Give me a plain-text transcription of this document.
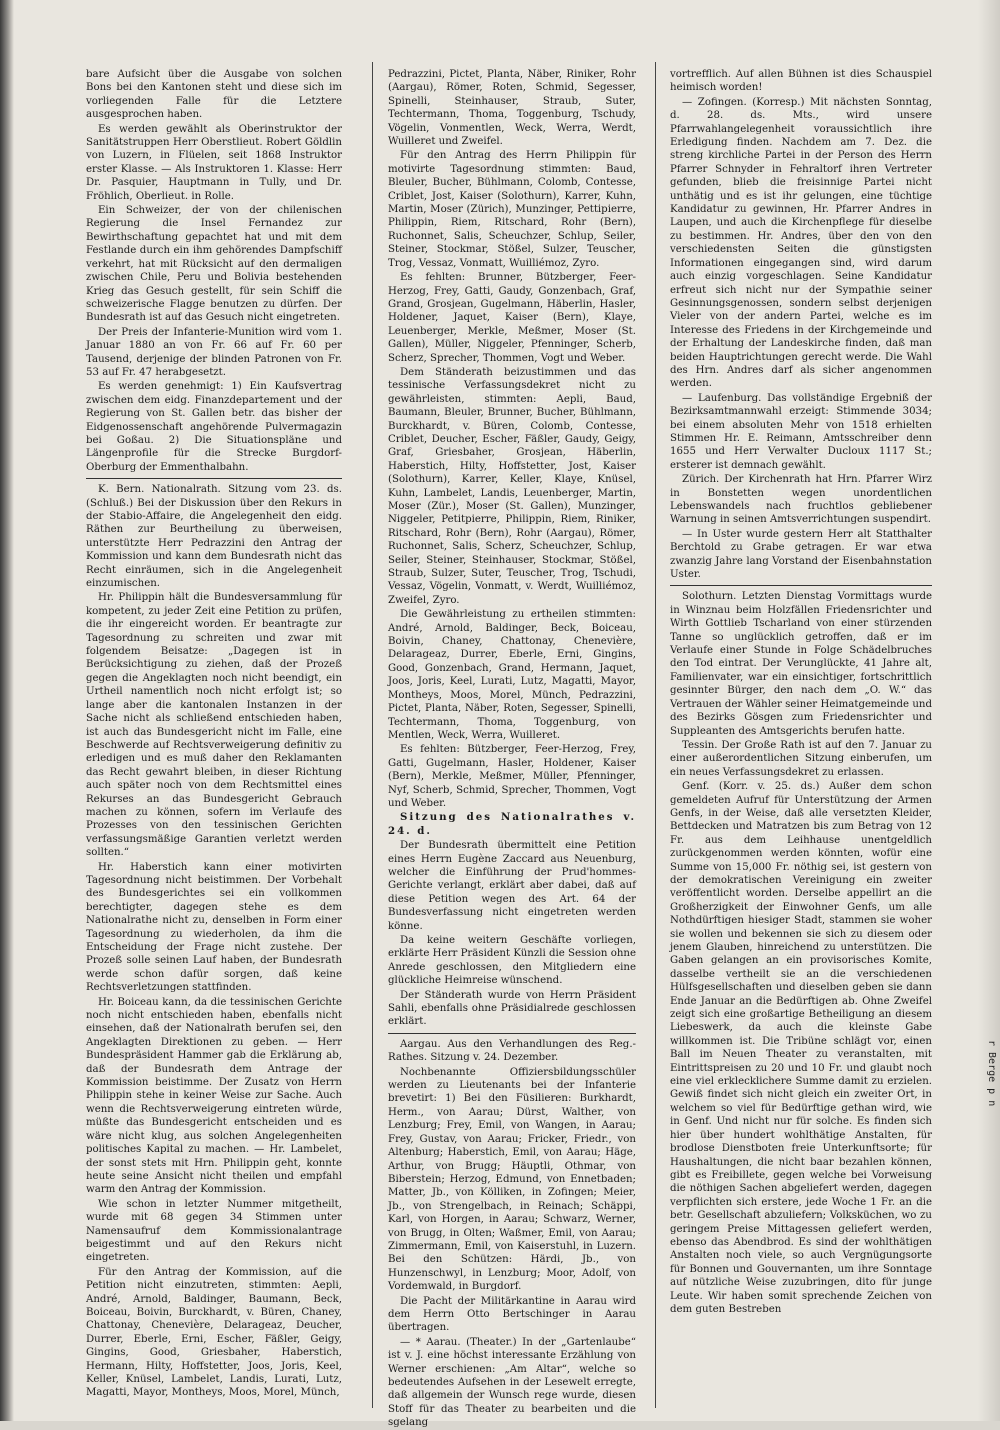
r Berge p n

bare Aufsicht über die Ausgabe von solchen Bons bei den Kantonen steht und diese sich im vorliegenden Falle für die Letztere ausgesprochen haben.

Es werden gewählt als Oberinstruktor der Sanitätstruppen Herr Oberstlieut. Robert Göldlin von Luzern, in Flüelen, seit 1868 Instruktor erster Klasse. — Als Instruktoren 1. Klasse: Herr Dr. Pasquier, Hauptmann in Tully, und Dr. Fröhlich, Oberlieut. in Rolle.

Ein Schweizer, der von der chilenischen Regierung die Insel Fernandez zur Bewirthschaftung gepachtet hat und mit dem Festlande durch ein ihm gehörendes Dampfschiff verkehrt, hat mit Rücksicht auf den dermaligen zwischen Chile, Peru und Bolivia bestehenden Krieg das Gesuch gestellt, für sein Schiff die schweizerische Flagge benutzen zu dürfen. Der Bundesrath ist auf das Gesuch nicht eingetreten.

Der Preis der Infanterie-Munition wird vom 1. Januar 1880 an von Fr. 66 auf Fr. 60 per Tausend, derjenige der blinden Patronen von Fr. 53 auf Fr. 47 herabgesetzt.

Es werden genehmigt: 1) Ein Kaufsvertrag zwischen dem eidg. Finanzdepartement und der Regierung von St. Gallen betr. das bisher der Eidgenossenschaft angehörende Pulvermagazin bei Goßau. 2) Die Situationspläne und Längenprofile für die Strecke Burgdorf-Oberburg der Emmenthalbahn.

K. Bern. Nationalrath. Sitzung vom 23. ds. (Schluß.) Bei der Diskussion über den Rekurs in der Stabio-Affaire, die Angelegenheit den eidg. Räthen zur Beurtheilung zu überweisen, unterstützte Herr Pedrazzini den Antrag der Kommission und kann dem Bundesrath nicht das Recht einräumen, sich in die Angelegenheit einzumischen.

Hr. Philippin hält die Bundesversammlung für kompetent, zu jeder Zeit eine Petition zu prüfen, die ihr eingereicht worden. Er beantragte zur Tagesordnung zu schreiten und zwar mit folgendem Beisatze: „Dagegen ist in Berücksichtigung zu ziehen, daß der Prozeß gegen die Angeklagten noch nicht beendigt, ein Urtheil namentlich noch nicht erfolgt ist; so lange aber die kantonalen Instanzen in der Sache nicht als schließend entschieden haben, ist auch das Bundesgericht nicht im Falle, eine Beschwerde auf Rechtsverweigerung definitiv zu erledigen und es muß daher den Reklamanten das Recht gewahrt bleiben, in dieser Richtung auch später noch von dem Rechtsmittel eines Rekurses an das Bundesgericht Gebrauch machen zu können, sofern im Verlaufe des Prozesses von den tessinischen Gerichten verfassungsmäßige Garantien verletzt werden sollten.“

Hr. Haberstich kann einer motivirten Tagesordnung nicht beistimmen. Der Vorbehalt des Bundesgerichtes sei ein vollkommen berechtigter, dagegen stehe es dem Nationalrathe nicht zu, denselben in Form einer Tagesordnung zu wiederholen, da ihm die Entscheidung der Frage nicht zustehe. Der Prozeß solle seinen Lauf haben, der Bundesrath werde schon dafür sorgen, daß keine Rechtsverletzungen stattfinden.

Hr. Boiceau kann, da die tessinischen Gerichte noch nicht entschieden haben, ebenfalls nicht einsehen, daß der Nationalrath berufen sei, den Angeklagten Direktionen zu geben. — Herr Bundespräsident Hammer gab die Erklärung ab, daß der Bundesrath dem Antrage der Kommission beistimme. Der Zusatz von Herrn Philippin stehe in keiner Weise zur Sache. Auch wenn die Rechtsverweigerung eintreten würde, müßte das Bundesgericht entscheiden und es wäre nicht klug, aus solchen Angelegenheiten politisches Kapital zu machen. — Hr. Lambelet, der sonst stets mit Hrn. Philippin geht, konnte heute seine Ansicht nicht theilen und empfahl warm den Antrag der Kommission.

Wie schon in letzter Nummer mitgetheilt, wurde mit 68 gegen 34 Stimmen unter Namensaufruf dem Kommissionalantrage beigestimmt und auf den Rekurs nicht eingetreten.

Für den Antrag der Kommission, auf die Petition nicht einzutreten, stimmten: Aepli, André, Arnold, Baldinger, Baumann, Beck, Boiceau, Boivin, Burckhardt, v. Büren, Chaney, Chattonay, Chenevière, Delarageaz, Deucher, Durrer, Eberle, Erni, Escher, Fäßler, Geigy, Gingins, Good, Griesbaher, Haberstich, Hermann, Hilty, Hoffstetter, Joos, Joris, Keel, Keller, Knüsel, Lambelet, Landis, Lurati, Lutz, Magatti, Mayor, Montheys, Moos, Morel, Münch,

Pedrazzini, Pictet, Planta, Näber, Riniker, Rohr (Aargau), Römer, Roten, Schmid, Segesser, Spinelli, Steinhauser, Straub, Suter, Techtermann, Thoma, Toggenburg, Tschudy, Vögelin, Vonmentlen, Weck, Werra, Werdt, Wuilleret und Zweifel.

Für den Antrag des Herrn Philippin für motivirte Tagesordnung stimmten: Baud, Bleuler, Bucher, Bühlmann, Colomb, Contesse, Criblet, Jost, Kaiser (Solothurn), Karrer, Kuhn, Martin, Moser (Zürich), Munzinger, Pettipierre, Philippin, Riem, Ritschard, Rohr (Bern), Ruchonnet, Salis, Scheuchzer, Schlup, Seiler, Steiner, Stockmar, Stößel, Sulzer, Teuscher, Trog, Vessaz, Vonmatt, Wuilliémoz, Zyro.

Es fehlten: Brunner, Bützberger, Feer-Herzog, Frey, Gatti, Gaudy, Gonzenbach, Graf, Grand, Grosjean, Gugelmann, Häberlin, Hasler, Holdener, Jaquet, Kaiser (Bern), Klaye, Leuenberger, Merkle, Meßmer, Moser (St. Gallen), Müller, Niggeler, Pfenninger, Scherb, Scherz, Sprecher, Thommen, Vogt und Weber.

Dem Ständerath beizustimmen und das tessinische Verfassungsdekret nicht zu gewährleisten, stimmten: Aepli, Baud, Baumann, Bleuler, Brunner, Bucher, Bühlmann, Burckhardt, v. Büren, Colomb, Contesse, Criblet, Deucher, Escher, Fäßler, Gaudy, Geigy, Graf, Griesbaher, Grosjean, Häberlin, Haberstich, Hilty, Hoffstetter, Jost, Kaiser (Solothurn), Karrer, Keller, Klaye, Knüsel, Kuhn, Lambelet, Landis, Leuenberger, Martin, Moser (Zür.), Moser (St. Gallen), Munzinger, Niggeler, Petitpierre, Philippin, Riem, Riniker, Ritschard, Rohr (Bern), Rohr (Aargau), Römer, Ruchonnet, Salis, Scherz, Scheuchzer, Schlup, Seiler, Steiner, Steinhauser, Stockmar, Stößel, Straub, Sulzer, Suter, Teuscher, Trog, Tschudi, Vessaz, Vögelin, Vonmatt, v. Werdt, Wuilliémoz, Zweifel, Zyro.

Die Gewährleistung zu ertheilen stimmten: André, Arnold, Baldinger, Beck, Boiceau, Boivin, Chaney, Chattonay, Chenevière, Delarageaz, Durrer, Eberle, Erni, Gingins, Good, Gonzenbach, Grand, Hermann, Jaquet, Joos, Joris, Keel, Lurati, Lutz, Magatti, Mayor, Montheys, Moos, Morel, Münch, Pedrazzini, Pictet, Planta, Näber, Roten, Segesser, Spinelli, Techtermann, Thoma, Toggenburg, von Mentlen, Weck, Werra, Wuilleret.

Es fehlten: Bützberger, Feer-Herzog, Frey, Gatti, Gugelmann, Hasler, Holdener, Kaiser (Bern), Merkle, Meßmer, Müller, Pfenninger, Nyf, Scherb, Schmid, Sprecher, Thommen, Vogt und Weber.

Sitzung des Nationalrathes v. 24. d.

Der Bundesrath übermittelt eine Petition eines Herrn Eugène Zaccard aus Neuenburg, welcher die Einführung der Prud'hommes-Gerichte verlangt, erklärt aber dabei, daß auf diese Petition wegen des Art. 64 der Bundesverfassung nicht eingetreten werden könne.

Da keine weitern Geschäfte vorliegen, erklärte Herr Präsident Künzli die Session ohne Anrede geschlossen, den Mitgliedern eine glückliche Heimreise wünschend.

Der Ständerath wurde von Herrn Präsident Sahli, ebenfalls ohne Präsidialrede geschlossen erklärt.

Aargau. Aus den Verhandlungen des Reg.-Rathes. Sitzung v. 24. Dezember.

Nochbenannte Offiziersbildungsschüler werden zu Lieutenants bei der Infanterie brevetirt: 1) Bei den Füsilieren: Burkhardt, Herm., von Aarau; Dürst, Walther, von Lenzburg; Frey, Emil, von Wangen, in Aarau; Frey, Gustav, von Aarau; Fricker, Friedr., von Altenburg; Haberstich, Emil, von Aarau; Häge, Arthur, von Brugg; Häuptli, Othmar, von Biberstein; Herzog, Edmund, von Ennetbaden; Matter, Jb., von Kölliken, in Zofingen; Meier, Jb., von Strengelbach, in Reinach; Schäppi, Karl, von Horgen, in Aarau; Schwarz, Werner, von Brugg, in Olten; Waßmer, Emil, von Aarau; Zimmermann, Emil, von Kaiserstuhl, in Luzern. Bei den Schützen: Härdi, Jb., von Hunzenschwyl, in Lenzburg; Moor, Adolf, von Vordemwald, in Burgdorf.

Die Pacht der Militärkantine in Aarau wird dem Herrn Otto Bertschinger in Aarau übertragen.

— * Aarau. (Theater.) In der „Gartenlaube“ ist v. J. eine höchst interessante Erzählung von Werner erschienen: „Am Altar“, welche so bedeutendes Aufsehen in der Lesewelt erregte, daß allgemein der Wunsch rege wurde, diesen Stoff für das Theater zu bearbeiten und die sgelang

vortrefflich. Auf allen Bühnen ist dies Schauspiel heimisch worden!

— Zofingen. (Korresp.) Mit nächsten Sonntag, d. 28. ds. Mts., wird unsere Pfarrwahlangelegenheit voraussichtlich ihre Erledigung finden. Nachdem am 7. Dez. die streng kirchliche Partei in der Person des Herrn Pfarrer Schnyder in Fehraltorf ihren Vertreter gefunden, blieb die freisinnige Partei nicht unthätig und es ist ihr gelungen, eine tüchtige Kandidatur zu gewinnen, Hr. Pfarrer Andres in Laupen, und auch die Kirchenpflege für dieselbe zu bestimmen. Hr. Andres, über den von den verschiedensten Seiten die günstigsten Informationen eingegangen sind, wird darum auch einzig vorgeschlagen. Seine Kandidatur erfreut sich nicht nur der Sympathie seiner Gesinnungsgenossen, sondern selbst derjenigen Vieler von der andern Partei, welche es im Interesse des Friedens in der Kirchgemeinde und der Erhaltung der Landeskirche finden, daß man beiden Hauptrichtungen gerecht werde. Die Wahl des Hrn. Andres darf als sicher angenommen werden.

— Laufenburg. Das vollständige Ergebniß der Bezirksamtmannwahl erzeigt: Stimmende 3034; bei einem absoluten Mehr von 1518 erhielten Stimmen Hr. E. Reimann, Amtsschreiber denn 1655 und Herr Verwalter Ducloux 1117 St.; ersterer ist demnach gewählt.

Zürich. Der Kirchenrath hat Hrn. Pfarrer Wirz in Bonstetten wegen unordentlichen Lebenswandels nach fruchtlos gebliebener Warnung in seinen Amtsverrichtungen suspendirt.

— In Uster wurde gestern Herr alt Statthalter Berchtold zu Grabe getragen. Er war etwa zwanzig Jahre lang Vorstand der Eisenbahnstation Uster.

Solothurn. Letzten Dienstag Vormittags wurde in Winznau beim Holzfällen Friedensrichter und Wirth Gottlieb Tscharland von einer stürzenden Tanne so unglücklich getroffen, daß er im Verlaufe einer Stunde in Folge Schädelbruches den Tod eintrat. Der Verunglückte, 41 Jahre alt, Familienvater, war ein einsichtiger, fortschrittlich gesinnter Bürger, den nach dem „O. W.“ das Vertrauen der Wähler seiner Heimatgemeinde und des Bezirks Gösgen zum Friedensrichter und Suppleanten des Amtsgerichts berufen hatte.

Tessin. Der Große Rath ist auf den 7. Januar zu einer außerordentlichen Sitzung einberufen, um ein neues Verfassungsdekret zu erlassen.

Genf. (Korr. v. 25. ds.) Außer dem schon gemeldeten Aufruf für Unterstützung der Armen Genfs, in der Weise, daß alle versetzten Kleider, Bettdecken und Matratzen bis zum Betrag von 12 Fr. aus dem Leihhause unentgeldlich zurückgenommen werden könnten, wofür eine Summe von 15,000 Fr. nöthig sei, ist gestern von der demokratischen Vereinigung ein zweiter veröffentlicht worden. Derselbe appellirt an die Großherzigkeit der Einwohner Genfs, um alle Nothdürftigen hiesiger Stadt, stammen sie woher sie wollen und bekennen sie sich zu diesem oder jenem Glauben, hinreichend zu unterstützen. Die Gaben gelangen an ein provisorisches Komite, dasselbe vertheilt sie an die verschiedenen Hülfsgesellschaften und dieselben geben sie dann Ende Januar an die Bedürftigen ab. Ohne Zweifel zeigt sich eine großartige Betheiligung an diesem Liebeswerk, da auch die kleinste Gabe willkommen ist. Die Tribüne schlägt vor, einen Ball im Neuen Theater zu veranstalten, mit Eintrittspreisen zu 20 und 10 Fr. und glaubt noch eine viel erklecklichere Summe damit zu erzielen. Gewiß findet sich nicht gleich ein zweiter Ort, in welchem so viel für Bedürftige gethan wird, wie in Genf. Und nicht nur für solche. Es finden sich hier über hundert wohlthätige Anstalten, für brodlose Dienstboten freie Unterkunftsorte; für Haushaltungen, die nicht baar bezahlen können, gibt es Freibillete, gegen welche bei Vorweisung die nöthigen Sachen abgeliefert werden, dagegen verpflichten sich erstere, jede Woche 1 Fr. an die betr. Gesellschaft abzuliefern; Volksküchen, wo zu geringem Preise Mittagessen geliefert werden, ebenso das Abendbrod. Es sind der wohlthätigen Anstalten noch viele, so auch Vergnügungsorte für Bonnen und Gouvernanten, um ihre Sonntage auf nützliche Weise zuzubringen, dito für junge Leute. Wir haben somit sprechende Zeichen von dem guten Bestreben
